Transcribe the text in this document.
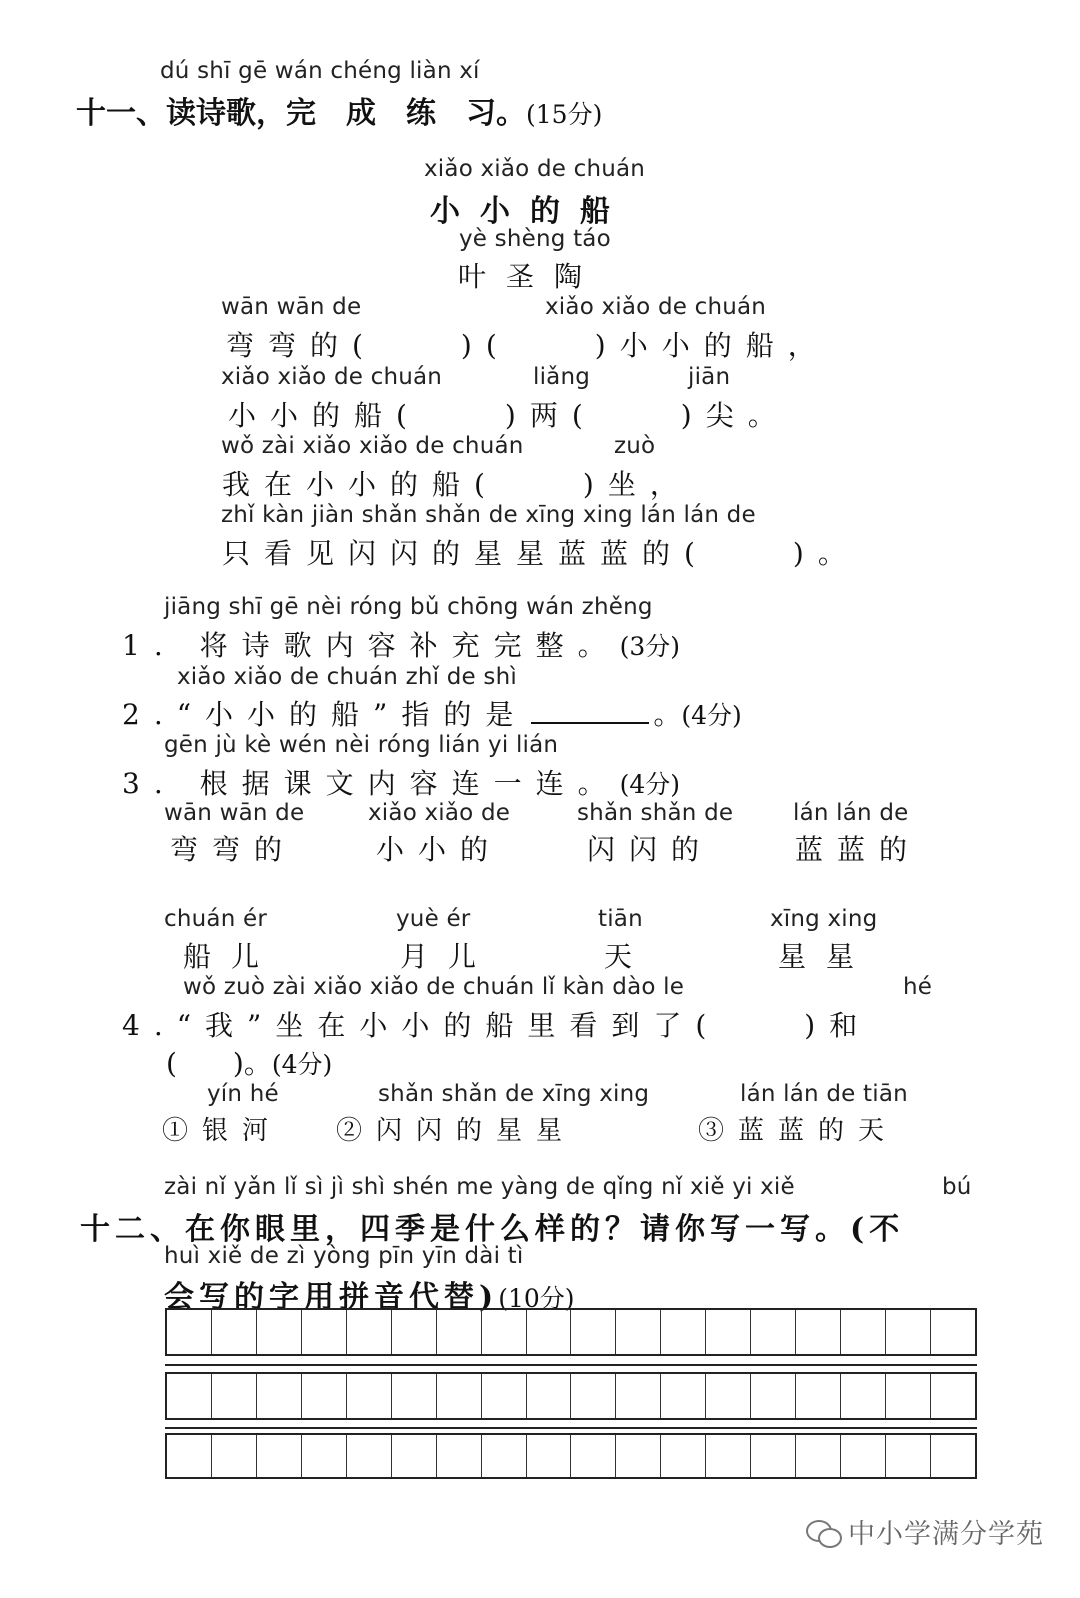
dú shī gē wán chéng liàn xí
十一、读诗歌，完　成　练　习。(15分)
xiǎo xiǎo de chuán
小小的船
yè shèng táo
叶圣陶
wān wān de	xiǎo xiǎo de chuán
弯弯的(　　)(　　)小小的船，
xiǎo xiǎo de chuán	liǎng	jiān
小小的船(　　)两(　　)尖。
wǒ zài xiǎo xiǎo de chuán	zuò
我在小小的船(　　)坐，
zhǐ kàn jiàn shǎn shǎn de xīng xing lán lán de
只看见闪闪的星星蓝蓝的(　　)。
jiāng shī gē nèi róng bǔ chōng wán zhěng
1. 将诗歌内容补充完整。(3分)
xiǎo xiǎo de chuán zhǐ de shì
2.“小小的船”指的是	。(4分)
gēn jù kè wén nèi róng lián yi lián
3. 根据课文内容连一连。(4分)
wān wān de	xiǎo xiǎo de	shǎn shǎn de	lán lán de
弯弯的	小小的	闪闪的	蓝蓝的
chuán ér	yuè ér	tiān	xīng xing
船儿	月儿	天	星星
wǒ zuò zài xiǎo xiǎo de chuán lǐ kàn dào le	hé
4.“我”坐在小小的船里看到了(　　)和
(　　)。(4分)
yín hé	shǎn shǎn de xīng xing	lán lán de tiān
①银河 ②闪闪的星星	③蓝蓝的天
zài nǐ yǎn lǐ sì jì shì shén me yàng de qǐng nǐ xiě yi xiě	bú
十二、在你眼里，四季是什么样的？请你写一写。(不
huì xiě de zì yòng pīn yīn dài tì
会写的字用拼音代替)(10分)
中小学满分学苑
